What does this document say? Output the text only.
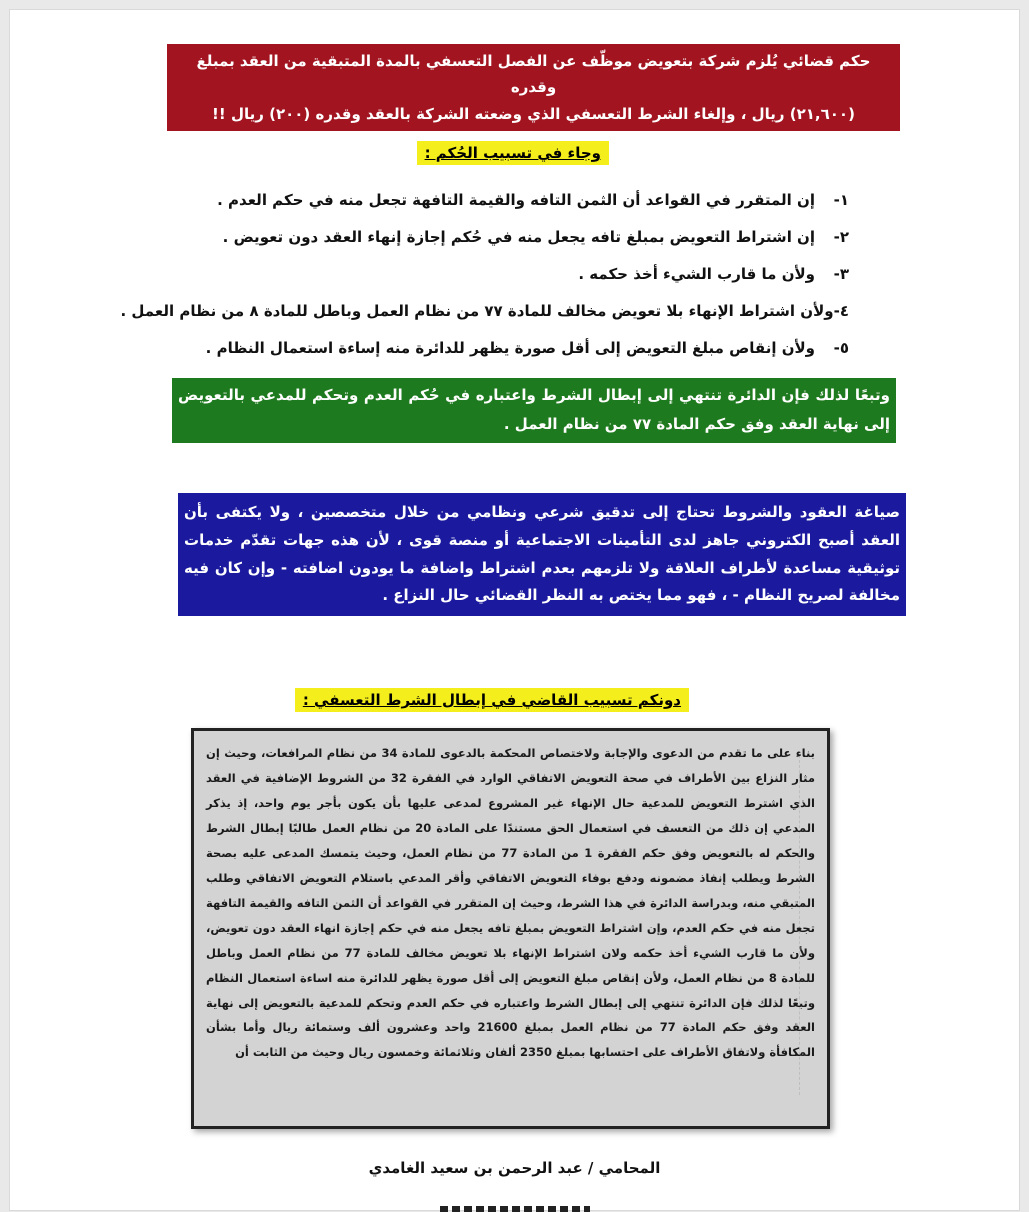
حكم قضائي يُلزم شركة بتعويض موظّف عن الفصل التعسفي بالمدة المتبقية من العقد بمبلغ وقدره
(٢١,٦٠٠) ريال ، وإلغاء الشرط التعسفي الذي وضعته الشركة بالعقد وقدره (٢٠٠) ريال !!
وجاء في تسبيب الحُكم :
١-
إن المتقرر في القواعد أن الثمن التافه والقيمة التافهة تجعل منه في حكم العدم .
٢-
إن اشتراط التعويض بمبلغ تافه يجعل منه في حُكم إجازة إنهاء العقد دون تعويض .
٣-
ولأن ما قارب الشيء أخذ حكمه .
٤-
ولأن اشتراط الإنهاء بلا تعويض مخالف للمادة ٧٧ من نظام العمل وباطل للمادة ٨ من نظام العمل .
٥-
ولأن إنقاص مبلغ التعويض إلى أقل صورة يظهر للدائرة منه إساءة استعمال النظام .
وتبعًا لذلك فإن الدائرة تنتهي إلى إبطال الشرط واعتباره في حُكم العدم وتحكم للمدعي بالتعويض إلى نهاية العقد وفق حكم المادة ٧٧ من نظام العمل .
صياغة العقود والشروط تحتاج إلى تدقيق شرعي ونظامي من خلال متخصصين ، ولا يكتفى بأن العقد أصبح الكتروني جاهز لدى التأمينات الاجتماعية أو منصة قوى ، لأن هذه جهات تقدّم خدمات توثيقية مساعدة لأطراف العلاقة ولا تلزمهم بعدم اشتراط واضافة ما يودون اضافته - وإن كان فيه مخالفة لصريح النظام - ، فهو مما يختص به النظر القضائي حال النزاع .
دونكم تسبيب القاضي في إبطال الشرط التعسفي :
بناء على ما تقدم من الدعوى والإجابة ولاختصاص المحكمة بالدعوى للمادة 34 من نظام المرافعات، وحيث إن مثار النزاع بين الأطراف في صحة التعويض الاتفاقي الوارد في الفقرة 32 من الشروط الإضافية في العقد الذي اشترط التعويض للمدعية حال الإنهاء غير المشروع لمدعى عليها بأن يكون بأجر يوم واحد، إذ يذكر المدعي إن ذلك من التعسف في استعمال الحق مستندًا على المادة 20 من نظام العمل طالبًا إبطال الشرط والحكم له بالتعويض وفق حكم الفقرة 1 من المادة 77 من نظام العمل، وحيث يتمسك المدعى عليه بصحة الشرط ويطلب إنفاذ مضمونه ودفع بوفاء التعويض الاتفاقي وأقر المدعي باستلام التعويض الاتفاقي وطلب المتبقي منه، وبدراسة الدائرة في هذا الشرط، وحيث إن المتقرر في القواعد أن الثمن التافه والقيمة التافهة تجعل منه في حكم العدم، وإن اشتراط التعويض بمبلغ تافه يجعل منه في حكم إجازة انهاء العقد دون تعويض، ولأن ما قارب الشيء أخذ حكمه ولان اشتراط الإنهاء بلا تعويض مخالف للمادة 77 من نظام العمل وباطل للمادة 8 من نظام العمل، ولأن إنقاص مبلغ التعويض إلى أقل صورة يظهر للدائرة منه اساءة استعمال النظام وتبعًا لذلك فإن الدائرة تنتهي إلى إبطال الشرط واعتباره في حكم العدم وتحكم للمدعية بالتعويض إلى نهاية العقد وفق حكم المادة 77 من نظام العمل بمبلغ 21600 واحد وعشرون ألف وستمائة ريال وأما بشأن المكافأة ولاتفاق الأطراف على احتسابها بمبلغ 2350 ألفان وثلاثمائة وخمسون ريال وحيث من الثابت أن
المحامي / عبد الرحمن بن سعيد الغامدي
